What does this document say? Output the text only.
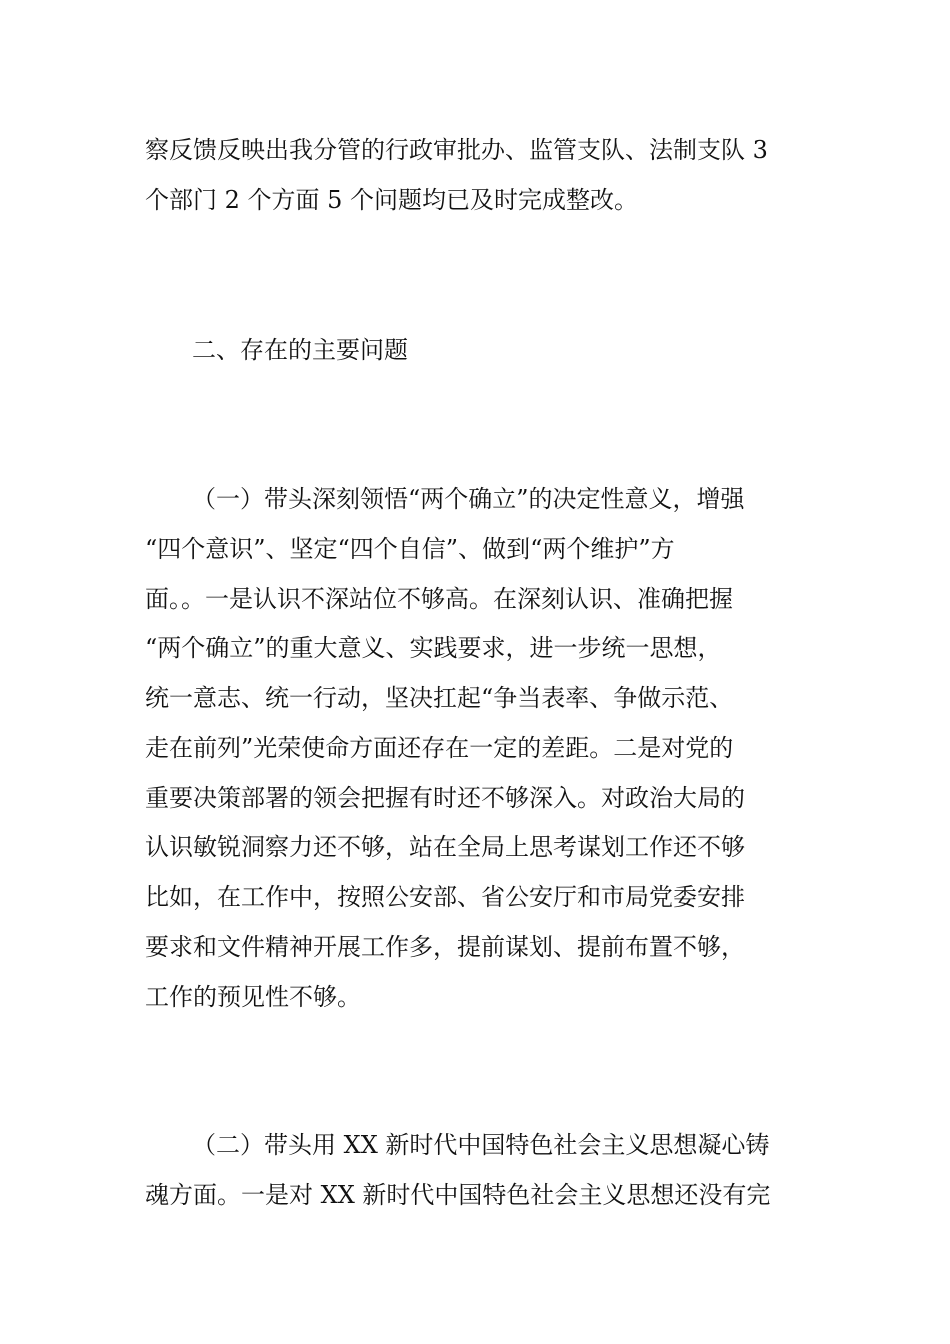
察反馈反映出我分管的行政审批办、监管支队、法制支队 3
个部门 2 个方面 5 个问题均已及时完成整改。
二、存在的主要问题
（一）带头深刻领悟“两个确立”的决定性意义，增强
“四个意识”、坚定“四个自信”、做到“两个维护”方
面。。一是认识不深站位不够高。在深刻认识、准确把握
“两个确立”的重大意义、实践要求，进一步统一思想，
统一意志、统一行动，坚决扛起“争当表率、争做示范、
走在前列”光荣使命方面还存在一定的差距。二是对党的
重要决策部署的领会把握有时还不够深入。对政治大局的
认识敏锐洞察力还不够，站在全局上思考谋划工作还不够
比如，在工作中，按照公安部、省公安厅和市局党委安排
要求和文件精神开展工作多，提前谋划、提前布置不够，
工作的预见性不够。
（二）带头用 XX 新时代中国特色社会主义思想凝心铸
魂方面。一是对 XX 新时代中国特色社会主义思想还没有完
